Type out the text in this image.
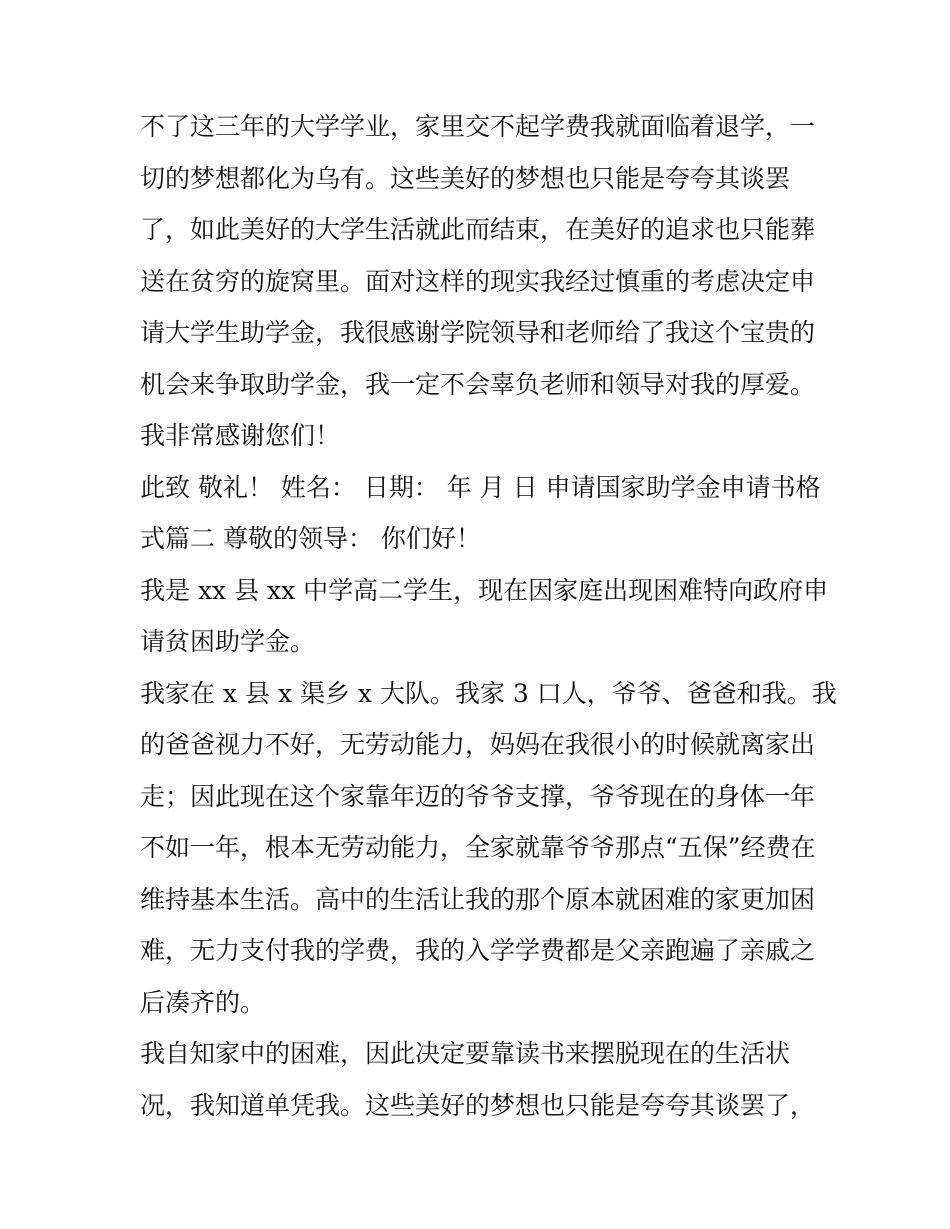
不了这三年的大学学业，家里交不起学费我就面临着退学，一
切的梦想都化为乌有。这些美好的梦想也只能是夸夸其谈罢
了，如此美好的大学生活就此而结束，在美好的追求也只能葬
送在贫穷的旋窝里。面对这样的现实我经过慎重的考虑决定申
请大学生助学金，我很感谢学院领导和老师给了我这个宝贵的
机会来争取助学金，我一定不会辜负老师和领导对我的厚爱。
我非常感谢您们！
此致 敬礼！ 姓名： 日期： 年 月 日 申请国家助学金申请书格
式篇二 尊敬的领导： 你们好！
我是 xx 县 xx 中学高二学生，现在因家庭出现困难特向政府申
请贫困助学金。
我家在 x 县 x 渠乡 x 大队。我家 3 口人，爷爷、爸爸和我。我
的爸爸视力不好，无劳动能力，妈妈在我很小的时候就离家出
走；因此现在这个家靠年迈的爷爷支撑，爷爷现在的身体一年
不如一年，根本无劳动能力，全家就靠爷爷那点“五保”经费在
维持基本生活。高中的生活让我的那个原本就困难的家更加困
难，无力支付我的学费，我的入学学费都是父亲跑遍了亲戚之
后凑齐的。
我自知家中的困难，因此决定要靠读书来摆脱现在的生活状
况，我知道单凭我。这些美好的梦想也只能是夸夸其谈罢了，
